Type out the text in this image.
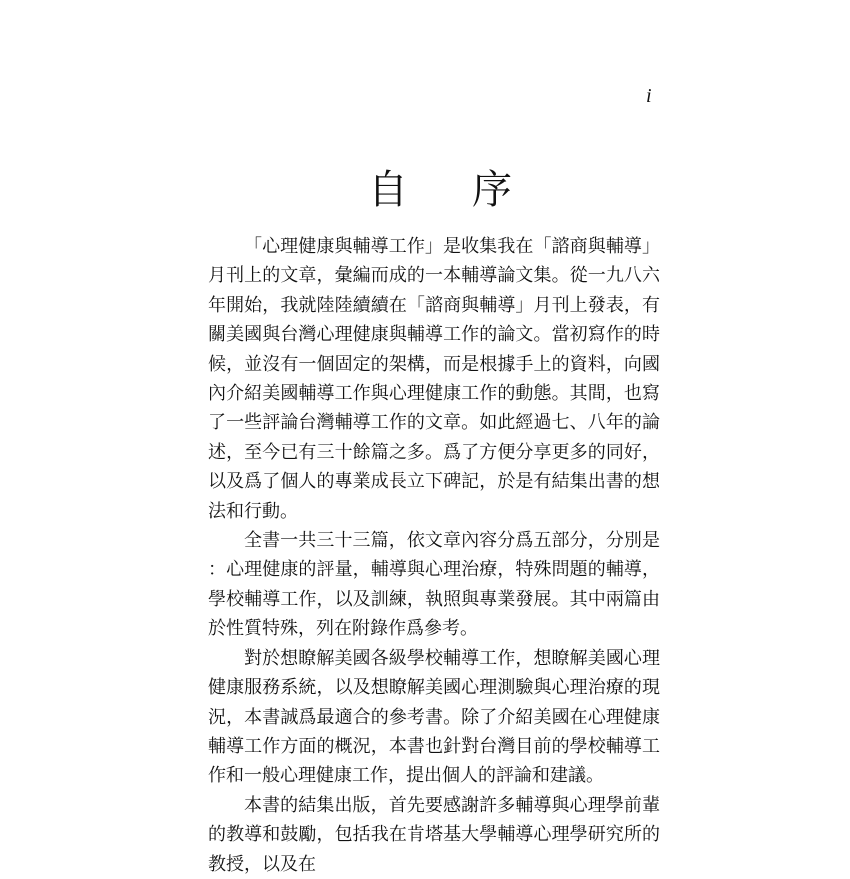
i
自 序

「心理健康與輔導工作」是收集我在「諮商與輔導」月刊上的文章，彙編而成的一本輔導論文集。從一九八六年開始，我就陸陸續續在「諮商與輔導」月刊上發表，有關美國與台灣心理健康與輔導工作的論文。當初寫作的時候，並沒有一個固定的架構，而是根據手上的資料，向國內介紹美國輔導工作與心理健康工作的動態。其間，也寫了一些評論台灣輔導工作的文章。如此經過七、八年的論述，至今已有三十餘篇之多。爲了方便分享更多的同好，以及爲了個人的專業成長立下碑記，於是有結集出書的想法和行動。

全書一共三十三篇，依文章內容分爲五部分，分別是：心理健康的評量，輔導與心理治療，特殊問題的輔導，學校輔導工作，以及訓練，執照與專業發展。其中兩篇由於性質特殊，列在附錄作爲參考。

對於想瞭解美國各級學校輔導工作，想瞭解美國心理健康服務系統，以及想瞭解美國心理測驗與心理治療的現況，本書誠爲最適合的參考書。除了介紹美國在心理健康輔導工作方面的概況，本書也針對台灣目前的學校輔導工作和一般心理健康工作，提出個人的評論和建議。

本書的結集出版，首先要感謝許多輔導與心理學前輩的教導和鼓勵，包括我在肯塔基大學輔導心理學研究所的教授，以及在
